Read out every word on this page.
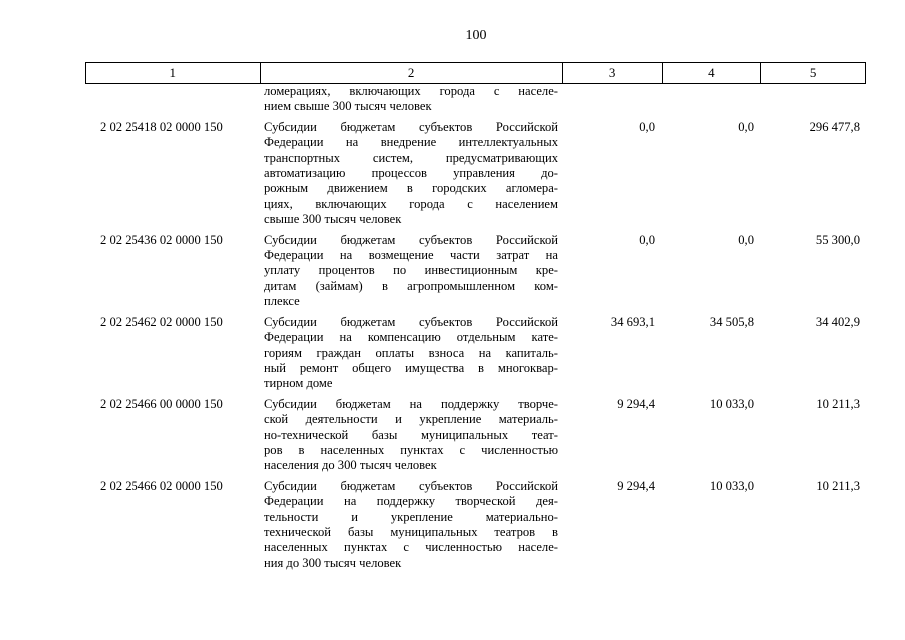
100
1	2	3	4	5
ломерациях, включающих города с населе-
нием свыше 300 тысяч человек
2 02 25418 02 0000 150	Субсидии бюджетам субъектов Российской
Федерации на внедрение интеллектуальных
транспортных систем, предусматривающих
автоматизацию процессов управления до-
рожным движением в городских агломера-
циях, включающих города с населением
свыше 300 тысяч человек
0,0	0,0	296 477,8
2 02 25436 02 0000 150	Субсидии бюджетам субъектов Российской
Федерации на возмещение части затрат на
уплату процентов по инвестиционным кре-
дитам (займам) в агропромышленном ком-
плексе
0,0	0,0	55 300,0
2 02 25462 02 0000 150	Субсидии бюджетам субъектов Российской
Федерации на компенсацию отдельным кате-
гориям граждан оплаты взноса на капиталь-
ный ремонт общего имущества в многоквар-
тирном доме
34 693,1	34 505,8	34 402,9
2 02 25466 00 0000 150	Субсидии бюджетам на поддержку творче-
ской деятельности и укрепление материаль-
но-технической базы муниципальных теат-
ров в населенных пунктах с численностью
населения до 300 тысяч человек
9 294,4	10 033,0	10 211,3
2 02 25466 02 0000 150	Субсидии бюджетам субъектов Российской
Федерации на поддержку творческой дея-
тельности и укрепление материально-
технической базы муниципальных театров в
населенных пунктах с численностью населе-
ния до 300 тысяч человек
9 294,4	10 033,0	10 211,3
